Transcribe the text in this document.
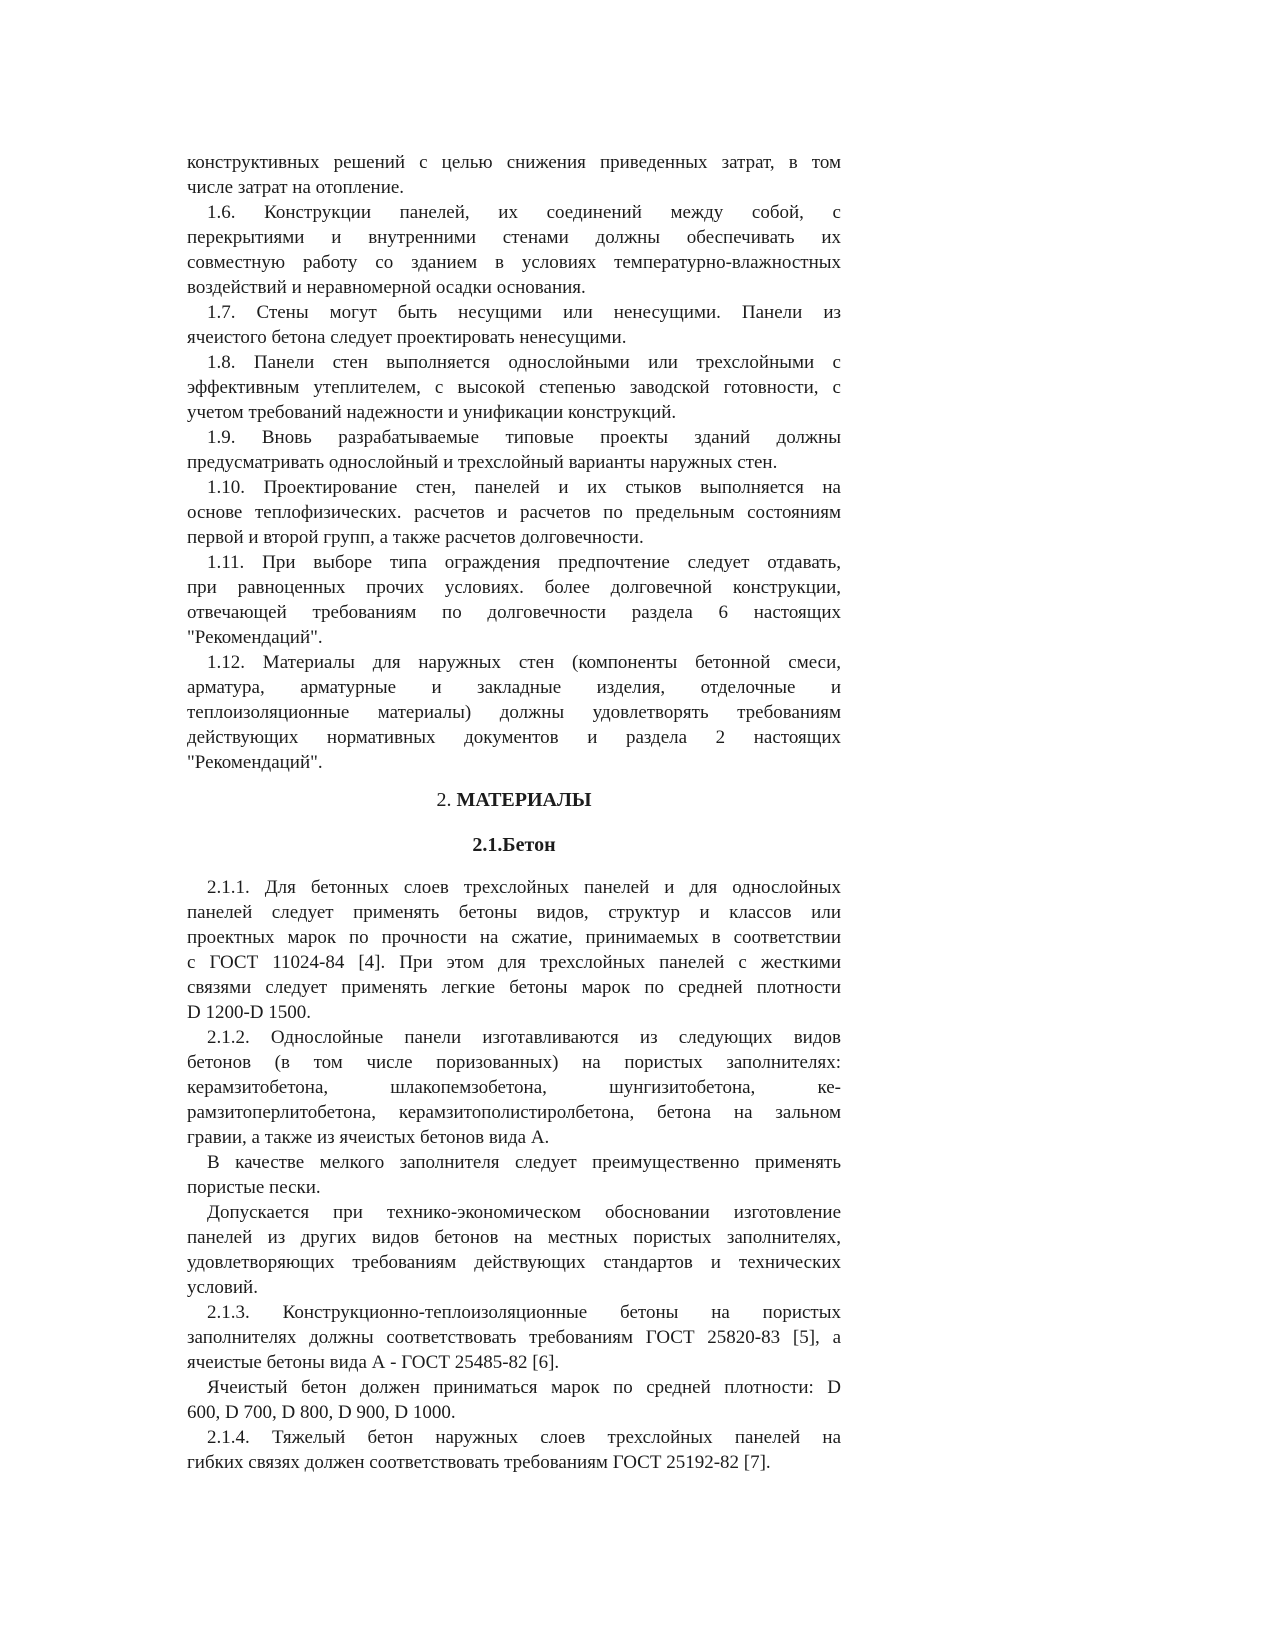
конструктивных решений с целью снижения приведенных затрат, в том
числе затрат на отопление.
1.6. Конструкции панелей, их соединений между собой, с
перекрытиями и внутренними стенами должны обеспечивать их
совместную работу со зданием в условиях температурно-влажностных
воздействий и неравномерной осадки основания.
1.7. Стены могут быть несущими или ненесущими. Панели из
ячеистого бетона следует проектировать ненесущими.
1.8. Панели стен выполняется однослойными или трехслойными с
эффективным утеплителем, с высокой степенью заводской готовности, с
учетом требований надежности и унификации конструкций.
1.9. Вновь разрабатываемые типовые проекты зданий должны
предусматривать однослойный и трехслойный варианты наружных стен.
1.10. Проектирование стен, панелей и их стыков выполняется на
основе теплофизических. расчетов и расчетов по предельным состояниям
первой и второй групп, а также расчетов долговечности.
1.11. При выборе типа ограждения предпочтение следует отдавать,
при равноценных прочих условиях. более долговечной конструкции,
отвечающей требованиям по долговечности раздела 6 настоящих
"Рекомендаций".
1.12. Материалы для наружных стен (компоненты бетонной смеси,
арматура, арматурные и закладные изделия, отделочные и
теплоизоляционные материалы) должны удовлетворять требованиям
действующих нормативных документов и раздела 2 настоящих
"Рекомендаций".
2. МАТЕРИАЛЫ
2.1.Бетон
2.1.1. Для бетонных слоев трехслойных панелей и для однослойных
панелей следует применять бетоны видов, структур и классов или
проектных марок по прочности на сжатие, принимаемых в соответствии
с ГОСТ 11024-84 [4]. При этом для трехслойных панелей с жесткими
связями следует применять легкие бетоны марок по средней плотности
D 1200-D 1500.
2.1.2. Однослойные панели изготавливаются из следующих видов
бетонов (в том числе поризованных) на пористых заполнителях:
керамзитобетона, шлакопемзобетона, шунгизитобетона, ке-
рамзитоперлитобетона, керамзитополистиролбетона, бетона на зальном
гравии, а также из ячеистых бетонов вида А.
В качестве мелкого заполнителя следует преимущественно применять
пористые пески.
Допускается при технико-экономическом обосновании изготовление
панелей из других видов бетонов на местных пористых заполнителях,
удовлетворяющих требованиям действующих стандартов и технических
условий.
2.1.3. Конструкционно-теплоизоляционные бетоны на пористых
заполнителях должны соответствовать требованиям ГОСТ 25820-83 [5], а
ячеистые бетоны вида А - ГОСТ 25485-82 [6].
Ячеистый бетон должен приниматься марок по средней плотности: D
600, D 700, D 800, D 900, D 1000.
2.1.4. Тяжелый бетон наружных слоев трехслойных панелей на
гибких связях должен соответствовать требованиям ГОСТ 25192-82 [7].
